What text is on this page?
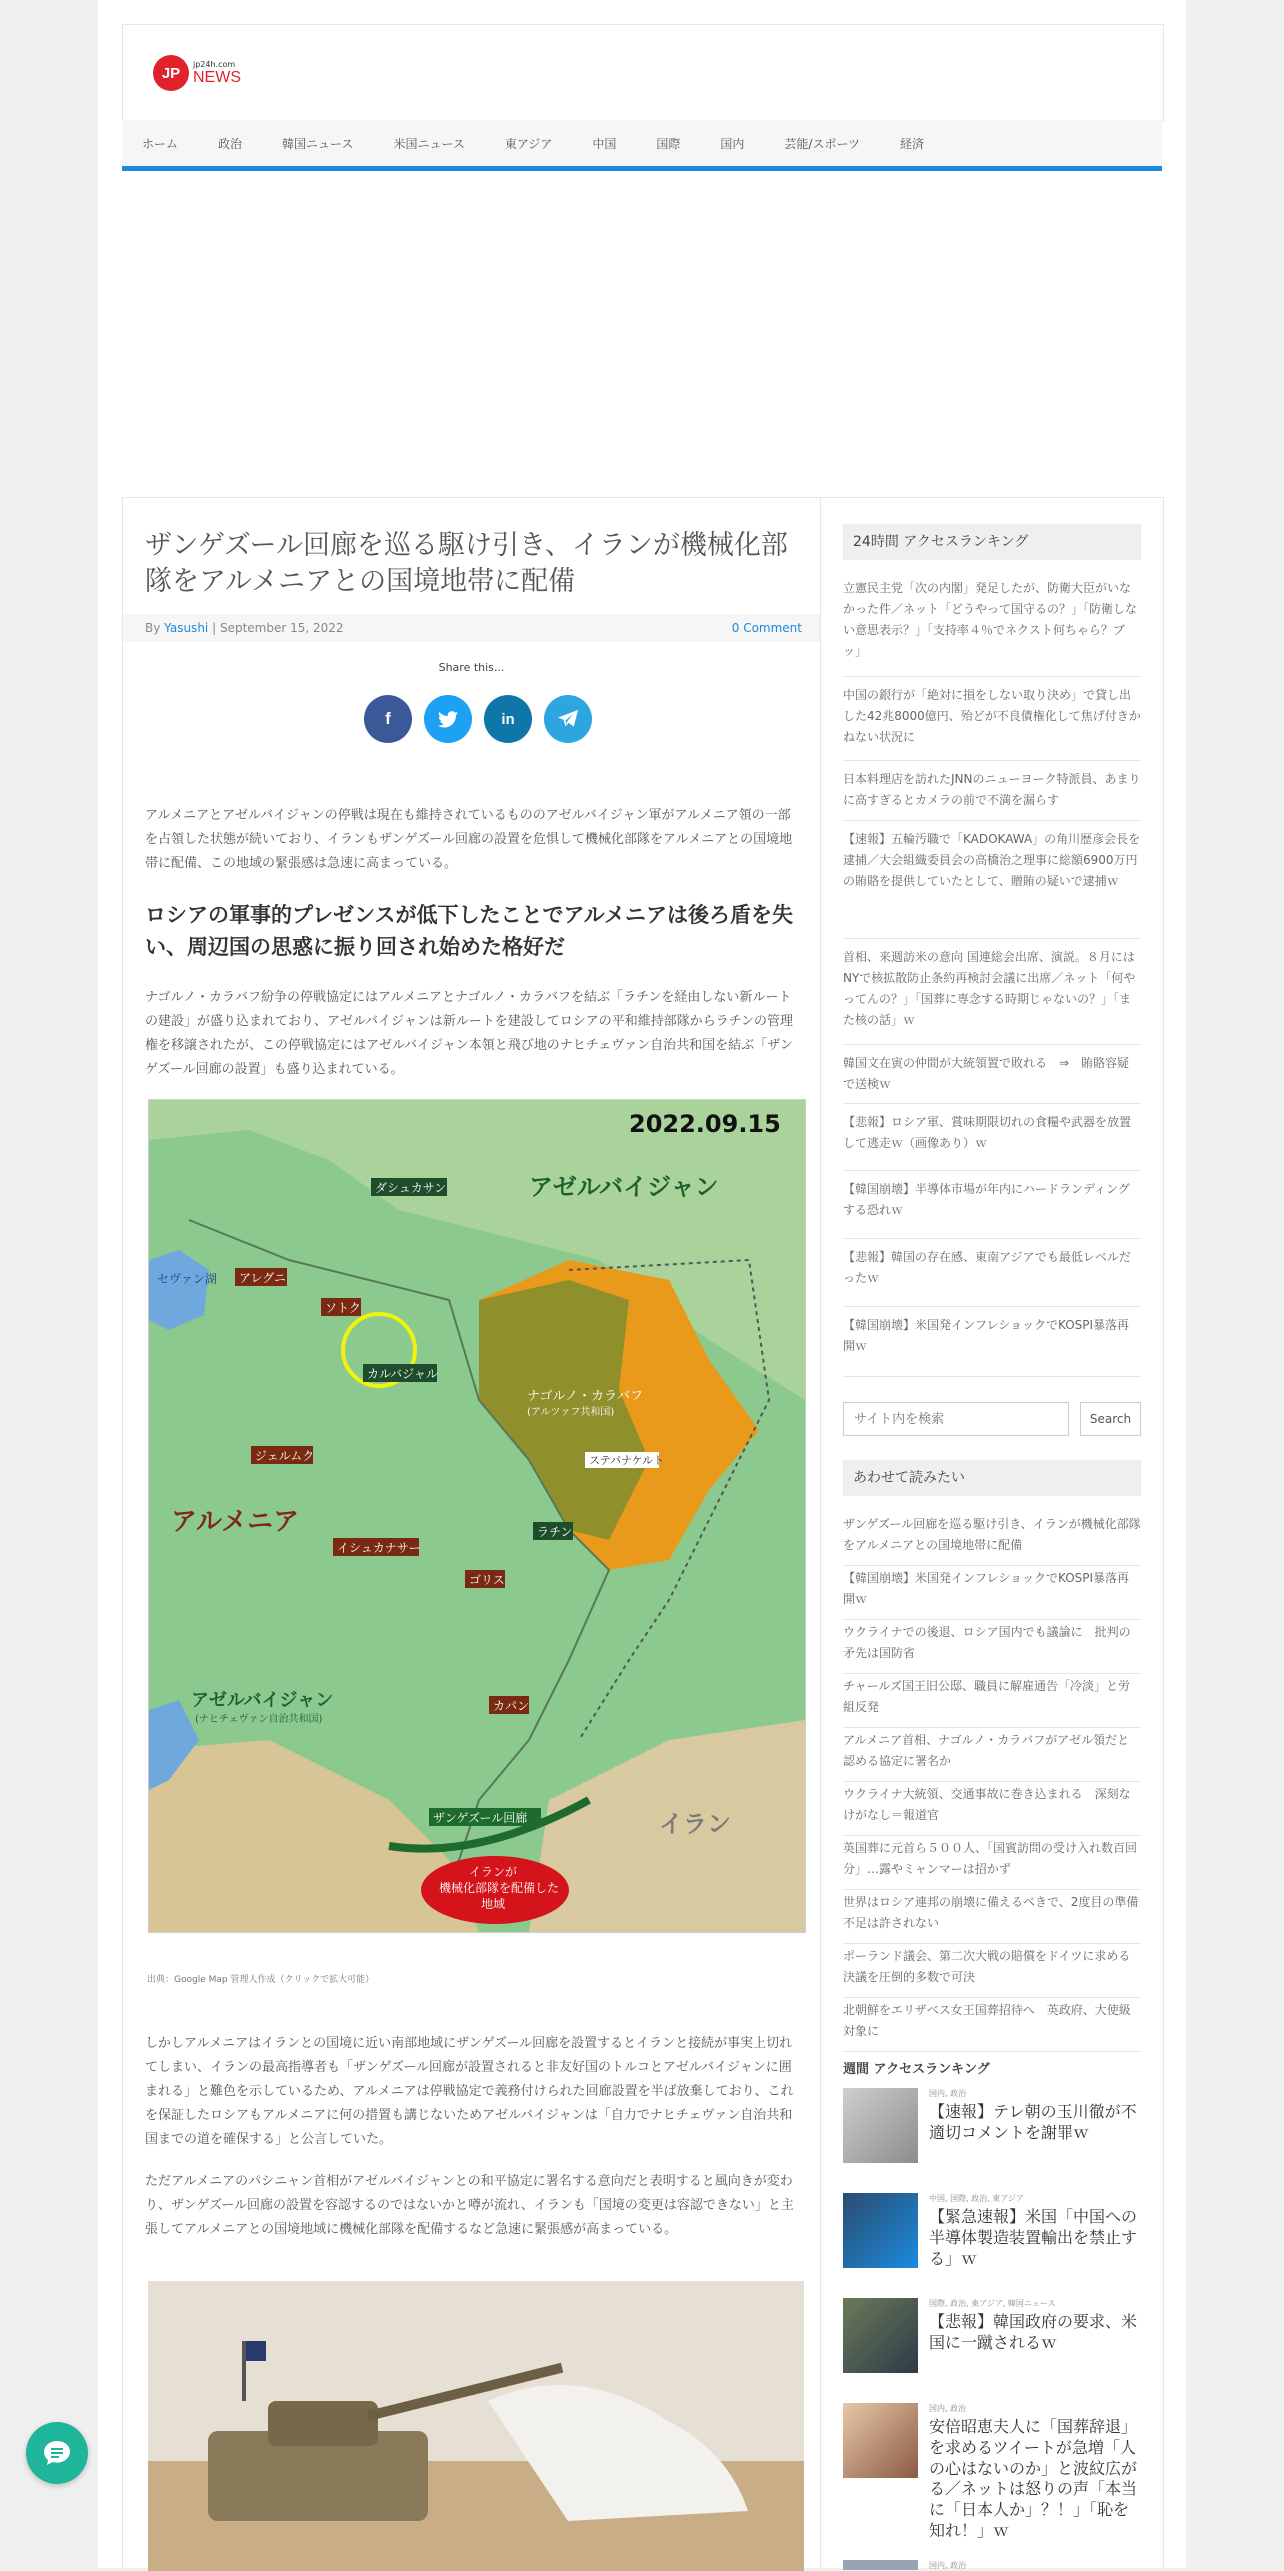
JP
jp24h.com
NEWS
ホーム	政治	韓国ニュース	米国ニュース	東アジア	中国	国際	国内	芸能/スポーツ	経済
ザンゲズール回廊を巡る駆け引き、イランが機械化部隊をアルメニアとの国境地帯に配備
By Yasushi | September 15, 2022	0 Comment
Share this...
f	in

アルメニアとアゼルバイジャンの停戦は現在も維持されているもののアゼルバイジャン軍がアルメニア領の一部を占領した状態が続いており、イランもザンゲズール回廊の設置を危惧して機械化部隊をアルメニアとの国境地帯に配備、この地域の緊張感は急速に高まっている。

ロシアの軍事的プレゼンスが低下したことでアルメニアは後ろ盾を失い、周辺国の思惑に振り回され始めた格好だ

ナゴルノ・カラバフ紛争の停戦協定にはアルメニアとナゴルノ・カラバフを結ぶ「ラチンを経由しない新ルートの建設」が盛り込まれており、アゼルバイジャンは新ルートを建設してロシアの平和維持部隊からラチンの管理権を移譲されたが、この停戦協定にはアゼルバイジャン本領と飛び地のナヒチェヴァン自治共和国を結ぶ「ザンゲズール回廊の設置」も盛り込まれている。

2022.09.15
アゼルバイジャン
アルメニア
イラン
セヴァン湖
ダシュカサン
アレグニ
ソトク
カルバジャル
ナゴルノ・カラバフ
(アルツァフ共和国)
ステパナケルト
ジェルムク
イシュカナサー
ラチン
ゴリス
カパン
アゼルバイジャン
(ナヒチェヴァン自治共和国)
ザンゲズール回廊
イランが
機械化部隊を配備した
地域
出典：Google Map 管理人作成（クリックで拡大可能）

しかしアルメニアはイランとの国境に近い南部地域にザンゲズール回廊を設置するとイランと接続が事実上切れてしまい、イランの最高指導者も「ザンゲズール回廊が設置されると非友好国のトルコとアゼルバイジャンに囲まれる」と難色を示しているため、アルメニアは停戦協定で義務付けられた回廊設置を半ば放棄しており、これを保証したロシアもアルメニアに何の措置も講じないためアゼルバイジャンは「自力でナヒチェヴァン自治共和国までの道を確保する」と公言していた。

ただアルメニアのパシニャン首相がアゼルバイジャンとの和平協定に署名する意向だと表明すると風向きが変わり、ザンゲズール回廊の設置を容認するのではないかと噂が流れ、イランも「国境の変更は容認できない」と主張してアルメニアとの国境地域に機械化部隊を配備するなど急速に緊張感が高まっている。

24時間 アクセスランキング
立憲民主党「次の内閣」発足したが、防衛大臣がいなかった件／ネット「どうやって国守るの？」「防衛しない意思表示？」「支持率４％でネクスト何ちゃら？ブッ」
中国の銀行が「絶対に損をしない取り決め」で貸し出した42兆8000億円、殆どが不良債権化して焦げ付きかねない状況に
日本料理店を訪れたJNNのニューヨーク特派員、あまりに高すぎるとカメラの前で不満を漏らす
【速報】五輪汚職で「KADOKAWA」の角川歴彦会長を逮捕／大会組織委員会の高橋治之理事に総額6900万円の賄賂を提供していたとして、贈賄の疑いで逮捕ｗ
首相、来週訪米の意向 国連総会出席、演説。８月にはNYで核拡散防止条約再検討会議に出席／ネット「何やってんの？」「国葬に専念する時期じゃないの？」「また核の話」ｗ
韓国文在寅の仲間が大統領置で敗れる　⇒　賄賂容疑で送検ｗ
【悲報】ロシア軍、賞味期限切れの食糧や武器を放置して逃走ｗ（画像あり）ｗ
【韓国崩壊】半導体市場が年内にハードランディングする恐れｗ
【悲報】韓国の存在感、東南アジアでも最低レベルだったｗ
【韓国崩壊】米国発インフレショックでKOSPI暴落再開ｗ
サイト内を検索
Search
あわせて読みたい
ザンゲズール回廊を巡る駆け引き、イランが機械化部隊をアルメニアとの国境地帯に配備
【韓国崩壊】米国発インフレショックでKOSPI暴落再開ｗ
ウクライナでの後退、ロシア国内でも議論に　批判の矛先は国防省
チャールズ国王旧公邸、職員に解雇通告「冷淡」と労組反発
アルメニア首相、ナゴルノ・カラバフがアゼル領だと認める協定に署名か
ウクライナ大統領、交通事故に巻き込まれる　深刻なけがなし＝報道官
英国葬に元首ら５００人、「国賓訪問の受け入れ数百回分」…露やミャンマーは招かず
世界はロシア連邦の崩壊に備えるべきで、2度目の準備不足は許されない
ポーランド議会、第二次大戦の賠償をドイツに求める決議を圧倒的多数で可決
北朝鮮をエリザベス女王国葬招待へ　英政府、大使級対象に
週間 アクセスランキング
国内, 政治
【速報】テレ朝の玉川徹が不適切コメントを謝罪ｗ
中国, 国際, 政治, 東アジア
【緊急速報】米国「中国への半導体製造装置輸出を禁止する」ｗ
国際, 政治, 東アジア, 韓国ニュース
【悲報】韓国政府の要求、米国に一蹴されるｗ
国内, 政治
安倍昭恵夫人に「国葬辞退」を求めるツイートが急増「人の心はないのか」と波紋広がる／ネットは怒りの声「本当に「日本人か」？！」「恥を知れ！」ｗ
国内, 政治
